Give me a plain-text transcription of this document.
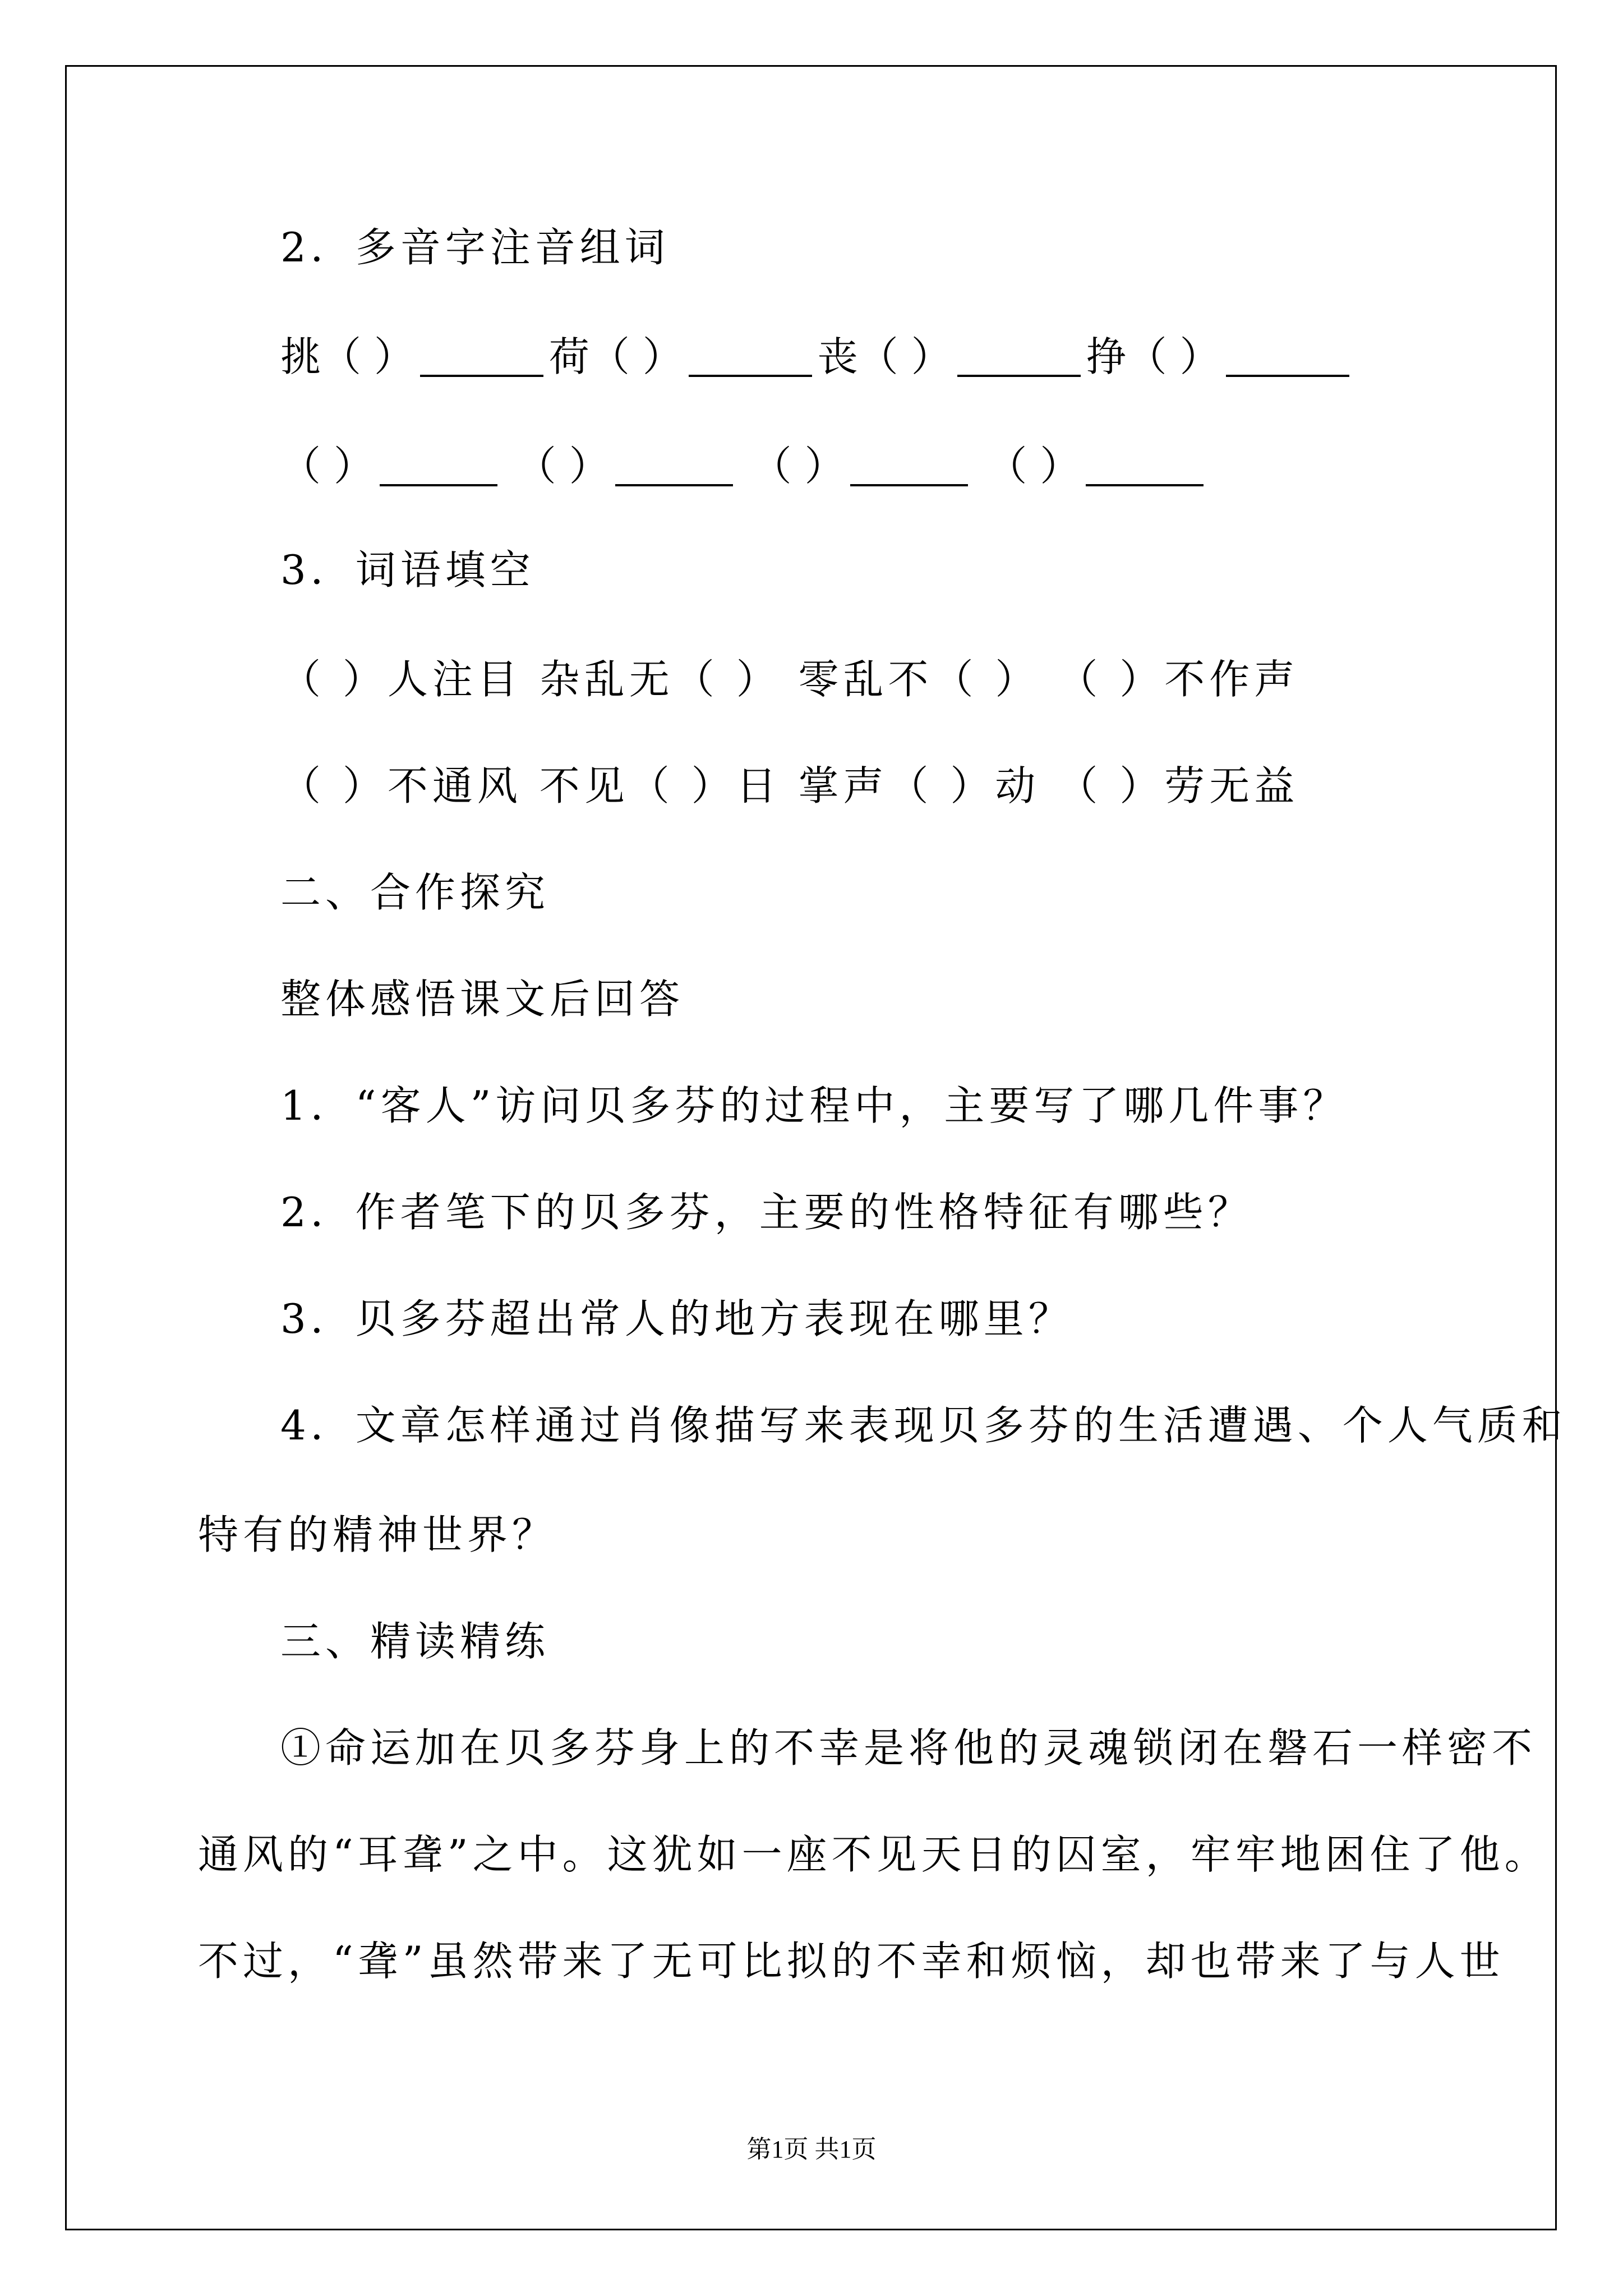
2．多音字注音组词
挑（ ）	荷（ ）	丧（ ）	挣（ ）
（ ）	（ ）	（ ）	（ ）
3．词语填空
（ ）人注目 杂乱无（ ） 零乱不（ ） （ ）不作声
（ ）不通风 不见（ ）日 掌声（ ）动 （ ）劳无益
二、合作探究
整体感悟课文后回答
1．“客人”访问贝多芬的过程中，主要写了哪几件事？
2．作者笔下的贝多芬，主要的性格特征有哪些？
3．贝多芬超出常人的地方表现在哪里？
4．文章怎样通过肖像描写来表现贝多芬的生活遭遇、个人气质和
特有的精神世界？
三、精读精练
①命运加在贝多芬身上的不幸是将他的灵魂锁闭在磐石一样密不
通风的“耳聋”之中。这犹如一座不见天日的囚室，牢牢地困住了他。
不过，“聋”虽然带来了无可比拟的不幸和烦恼，却也带来了与人世
第1页 共1页
